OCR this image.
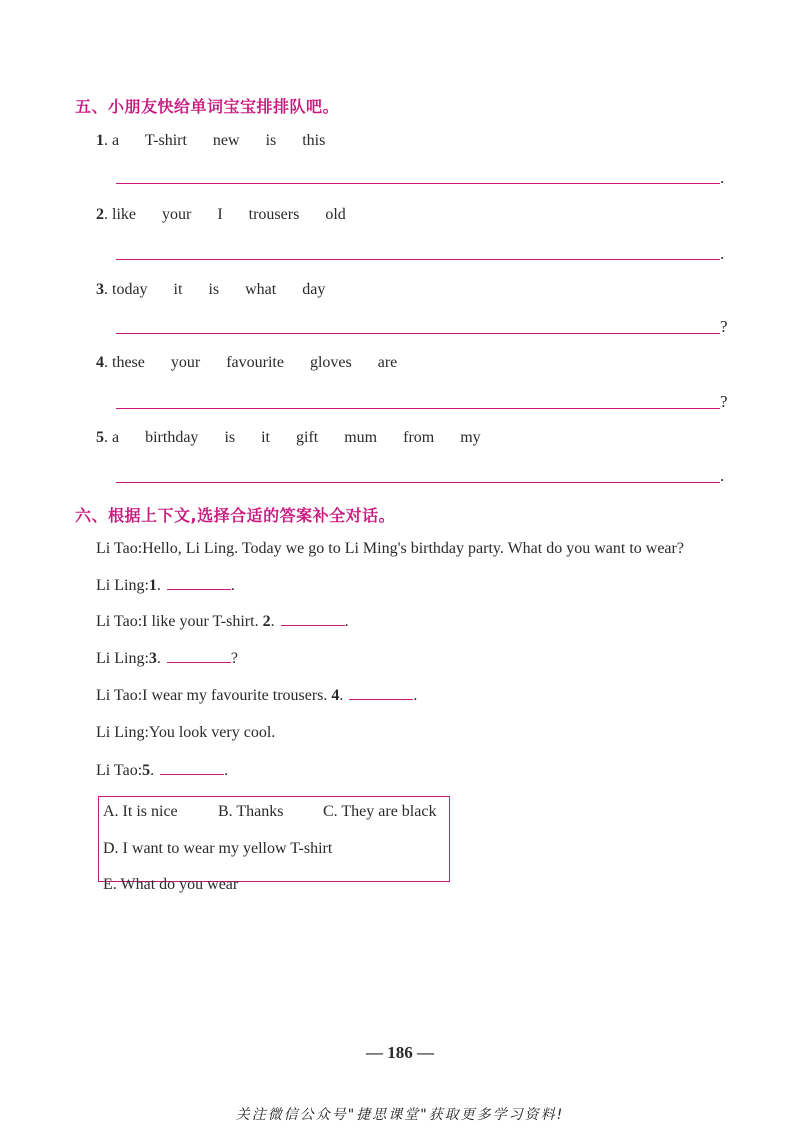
五、小朋友快给单词宝宝排排队吧。
1. a T-shirt new is this
.
2. like your I trousers old
.
3. today it is what day
?
4. these your favourite gloves are
?
5. a birthday is it gift mum from my
.
六、根据上下文,选择合适的答案补全对话。
Li Tao:Hello, Li Ling. Today we go to Li Ming's birthday party. What do you want to wear?
Li Ling:1.	.
Li Tao:I like your T-shirt. 2.	.
Li Ling:3.	?
Li Tao:I wear my favourite trousers. 4.	.
Li Ling:You look very cool.
Li Tao:5.	.
A. It is nice	B. Thanks C. They are black
D. I want to wear my yellow T-shirt
E. What do you wear
— 186 —
关注微信公众号"捷思课堂"获取更多学习资料!
